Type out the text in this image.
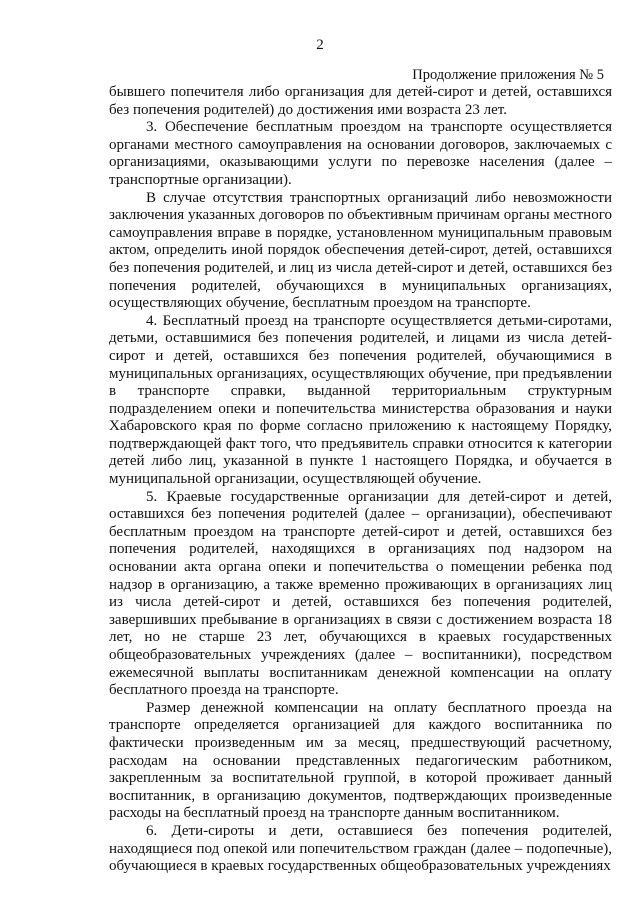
2
Продолжение приложения № 5

бывшего попечителя либо организация для детей-сирот и детей, оставшихся без попечения родителей) до достижения ими возраста 23 лет.

3. Обеспечение бесплатным проездом на транспорте осуществляется органами местного самоуправления на основании договоров, заключаемых с организациями, оказывающими услуги по перевозке населения (далее – транспортные организации).

В случае отсутствия транспортных организаций либо невозможности заключения указанных договоров по объективным причинам органы местного самоуправления вправе в порядке, установленном муниципальным правовым актом, определить иной порядок обеспечения детей-сирот, детей, оставшихся без попечения родителей, и лиц из числа детей-сирот и детей, оставшихся без попечения родителей, обучающихся в муниципальных организациях, осуществляющих обучение, бесплатным проездом на транспорте.

4. Бесплатный проезд на транспорте осуществляется детьми-сиротами, детьми, оставшимися без попечения родителей, и лицами из числа детей-сирот и детей, оставшихся без попечения родителей, обучающимися в муниципальных организациях, осуществляющих обучение, при предъявлении в транспорте справки, выданной территориальным структурным подразделением опеки и попечительства министерства образования и науки Хабаровского края по форме согласно приложению к настоящему Порядку, подтверждающей факт того, что предъявитель справки относится к категории детей либо лиц, указанной в пункте 1 настоящего Порядка, и обучается в муниципальной организации, осуществляющей обучение.

5. Краевые государственные организации для детей-сирот и детей, оставшихся без попечения родителей (далее – организации), обеспечивают бесплатным проездом на транспорте детей-сирот и детей, оставшихся без попечения родителей, находящихся в организациях под надзором на основании акта органа опеки и попечительства о помещении ребенка под надзор в организацию, а также временно проживающих в организациях лиц из числа детей-сирот и детей, оставшихся без попечения родителей, завершивших пребывание в организациях в связи с достижением возраста 18 лет, но не старше 23 лет, обучающихся в краевых государственных общеобразовательных учреждениях (далее – воспитанники), посредством ежемесячной выплаты воспитанникам денежной компенсации на оплату бесплатного проезда на транспорте.

Размер денежной компенсации на оплату бесплатного проезда на транспорте определяется организацией для каждого воспитанника по фактически произведенным им за месяц, предшествующий расчетному, расходам на основании представленных педагогическим работником, закрепленным за воспитательной группой, в которой проживает данный воспитанник, в организацию документов, подтверждающих произведенные расходы на бесплатный проезд на транспорте данным воспитанником.

6. Дети-сироты и дети, оставшиеся без попечения родителей, находящиеся под опекой или попечительством граждан (далее – подопечные), обучающиеся в краевых государственных общеобразовательных учреждениях
